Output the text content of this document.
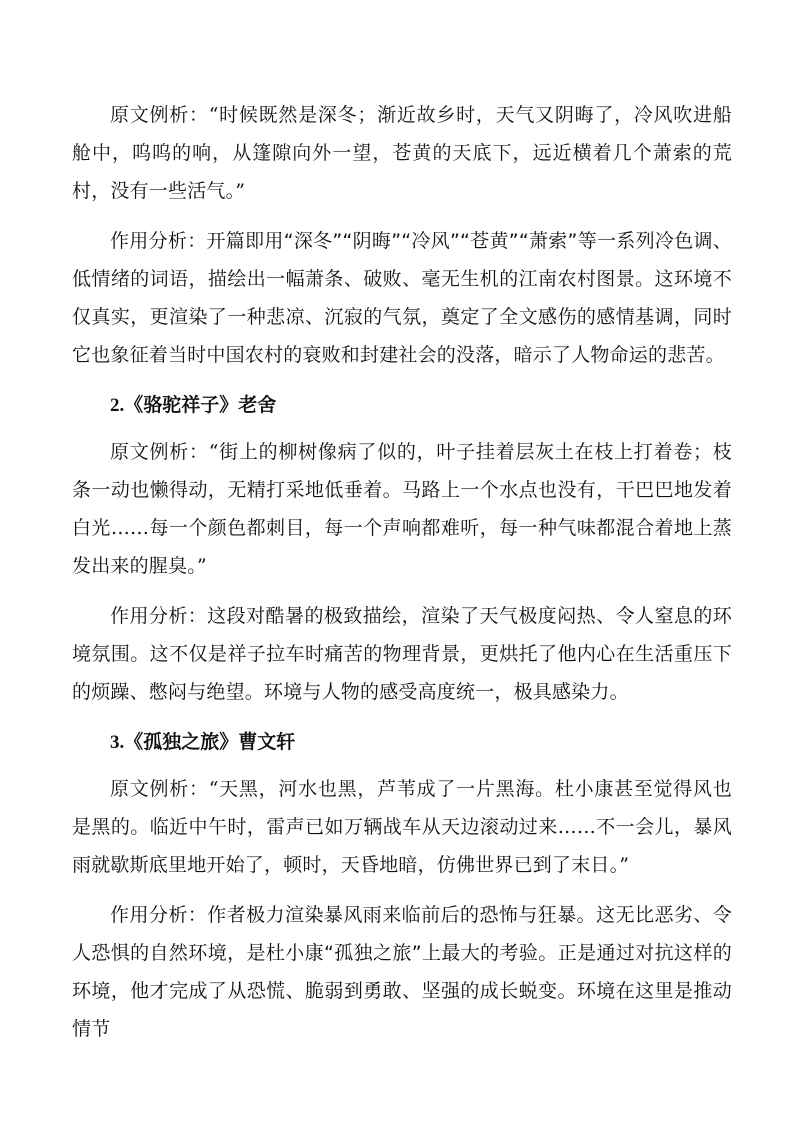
原文例析：“时候既然是深冬；渐近故乡时，天气又阴晦了，冷风吹进船舱中，呜呜的响，从篷隙向外一望，苍黄的天底下，远近横着几个萧索的荒村，没有一些活气。”

作用分析：开篇即用“深冬”“阴晦”“冷风”“苍黄”“萧索”等一系列冷色调、低情绪的词语，描绘出一幅萧条、破败、毫无生机的江南农村图景。这环境不仅真实，更渲染了一种悲凉、沉寂的气氛，奠定了全文感伤的感情基调，同时它也象征着当时中国农村的衰败和封建社会的没落，暗示了人物命运的悲苦。

2.《骆驼祥子》老舍

原文例析：“街上的柳树像病了似的，叶子挂着层灰土在枝上打着卷；枝条一动也懒得动，无精打采地低垂着。马路上一个水点也没有，干巴巴地发着白光……每一个颜色都刺目，每一个声响都难听，每一种气味都混合着地上蒸发出来的腥臭。”

作用分析：这段对酷暑的极致描绘，渲染了天气极度闷热、令人窒息的环境氛围。这不仅是祥子拉车时痛苦的物理背景，更烘托了他内心在生活重压下的烦躁、憋闷与绝望。环境与人物的感受高度统一，极具感染力。

3.《孤独之旅》曹文轩

原文例析：“天黑，河水也黑，芦苇成了一片黑海。杜小康甚至觉得风也是黑的。临近中午时，雷声已如万辆战车从天边滚动过来……不一会儿，暴风雨就歇斯底里地开始了，顿时，天昏地暗，仿佛世界已到了末日。”

作用分析：作者极力渲染暴风雨来临前后的恐怖与狂暴。这无比恶劣、令人恐惧的自然环境，是杜小康“孤独之旅”上最大的考验。正是通过对抗这样的环境，他才完成了从恐慌、脆弱到勇敢、坚强的成长蜕变。环境在这里是推动情节
